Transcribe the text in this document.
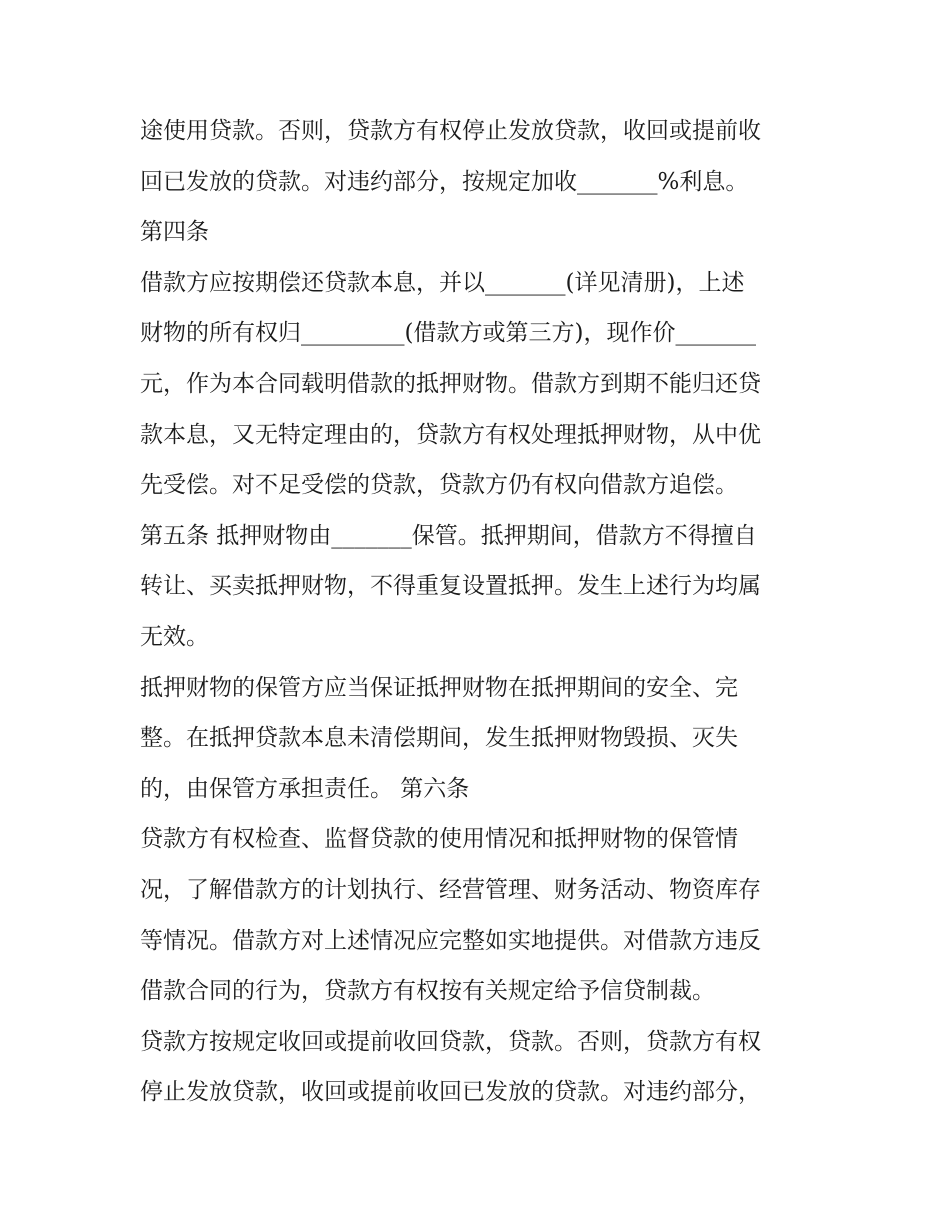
途使用贷款。否则，贷款方有权停止发放贷款，收回或提前收
回已发放的贷款。对违约部分，按规定加收_______%利息。
第四条
借款方应按期偿还贷款本息，并以_______(详见清册)，上述
财物的所有权归_________(借款方或第三方)，现作价_______
元，作为本合同载明借款的抵押财物。借款方到期不能归还贷
款本息，又无特定理由的，贷款方有权处理抵押财物，从中优
先受偿。对不足受偿的贷款，贷款方仍有权向借款方追偿。
第五条 抵押财物由_______保管。抵押期间，借款方不得擅自
转让、买卖抵押财物，不得重复设置抵押。发生上述行为均属
无效。
抵押财物的保管方应当保证抵押财物在抵押期间的安全、完
整。在抵押贷款本息未清偿期间，发生抵押财物毁损、灭失
的，由保管方承担责任。 第六条
贷款方有权检查、监督贷款的使用情况和抵押财物的保管情
况，了解借款方的计划执行、经营管理、财务活动、物资库存
等情况。借款方对上述情况应完整如实地提供。对借款方违反
借款合同的行为，贷款方有权按有关规定给予信贷制裁。
贷款方按规定收回或提前收回贷款，贷款。否则，贷款方有权
停止发放贷款，收回或提前收回已发放的贷款。对违约部分，
